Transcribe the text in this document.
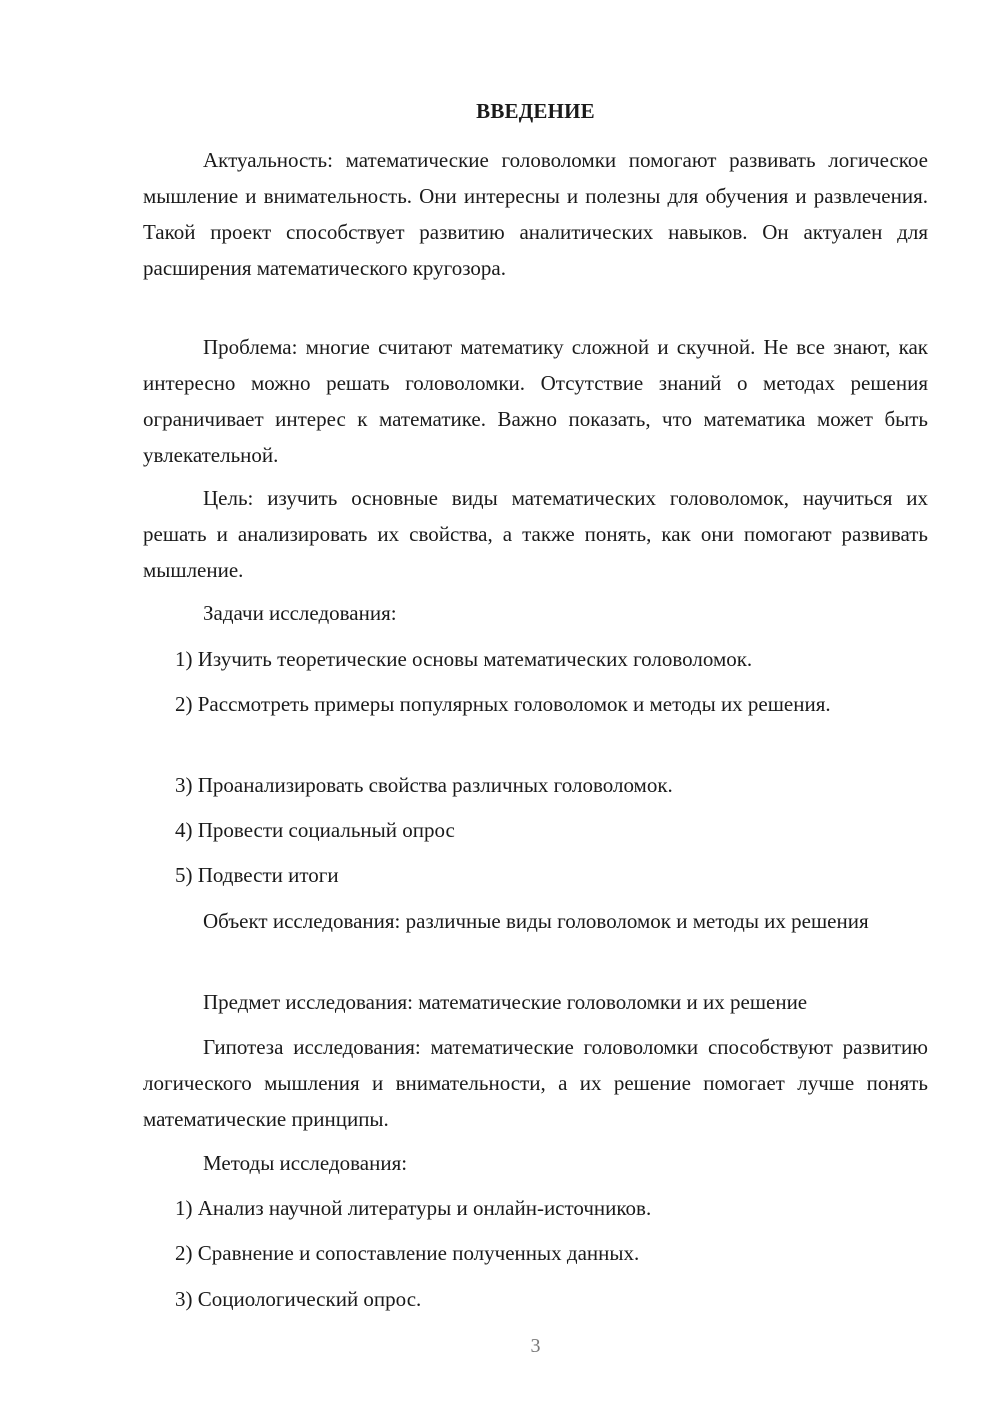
ВВЕДЕНИЕ

Актуальность: математические головоломки помогают развивать логическое мышление и внимательность. Они интересны и полезны для обучения и развлечения. Такой проект способствует развитию аналитических навыков. Он актуален для расширения математического кругозора.

Проблема: многие считают математику сложной и скучной. Не все знают, как интересно можно решать головоломки. Отсутствие знаний о методах решения ограничивает интерес к математике. Важно показать, что математика может быть увлекательной.

Цель: изучить основные виды математических головоломок, научиться их решать и анализировать их свойства, а также понять, как они помогают развивать мышление.

Задачи исследования:

1) Изучить теоретические основы математических головоломок.

2) Рассмотреть примеры популярных головоломок и методы их решения.

3) Проанализировать свойства различных головоломок.

4) Провести социальный опрос

5) Подвести итоги

Объект исследования: различные виды головоломок и методы их решения

Предмет исследования: математические головоломки и их решение

Гипотеза исследования: математические головоломки способствуют развитию логического мышления и внимательности, а их решение помогает лучше понять математические принципы.

Методы исследования:

1) Анализ научной литературы и онлайн-источников.

2) Сравнение и сопоставление полученных данных.

3) Социологический опрос.

3
